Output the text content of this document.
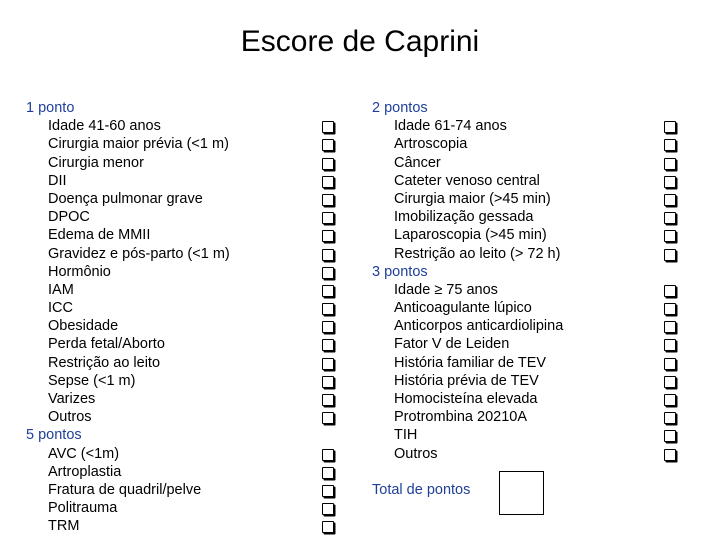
Escore de Caprini
1 ponto
Idade 41-60 anos
Cirurgia maior prévia (<1 m)
Cirurgia menor
DII
Doença pulmonar grave
DPOC
Edema de MMII
Gravidez e pós-parto (<1 m)
Hormônio
IAM
ICC
Obesidade
Perda fetal/Aborto
Restrição ao leito
Sepse (<1 m)
Varizes
Outros
5 pontos
AVC (<1m)
Artroplastia
Fratura de quadril/pelve
Politrauma
TRM
2 pontos
Idade 61-74 anos
Artroscopia
Câncer
Cateter venoso central
Cirurgia maior (>45 min)
Imobilização gessada
Laparoscopia (>45 min)
Restrição ao leito (> 72 h)
3 pontos
Idade ≥ 75 anos
Anticoagulante lúpico
Anticorpos anticardiolipina
Fator V de Leiden
História familiar de TEV
História prévia de TEV
Homocisteína elevada
Protrombina 20210A
TIH
Outros
Total de pontos
